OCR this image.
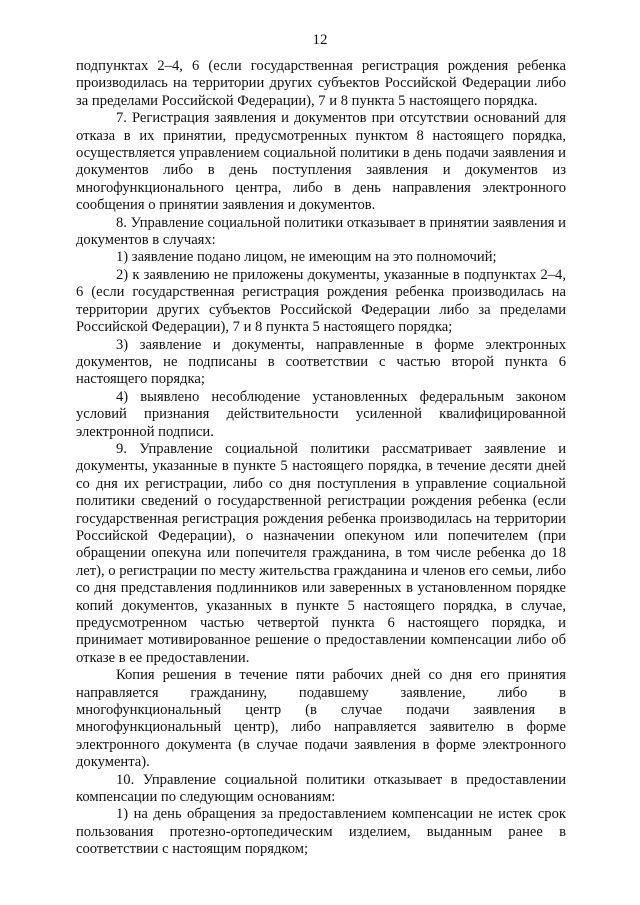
12

подпунктах 2–4, 6 (если государственная регистрация рождения ребенка производилась на территории других субъектов Российской Федерации либо за пределами Российской Федерации), 7 и 8 пункта 5 настоящего порядка.

7. Регистрация заявления и документов при отсутствии оснований для отказа в их принятии, предусмотренных пунктом 8 настоящего порядка, осуществляется управлением социальной политики в день подачи заявления и документов либо в день поступления заявления и документов из многофункционального центра, либо в день направления электронного сообщения о принятии заявления и документов.

8. Управление социальной политики отказывает в принятии заявления и документов в случаях:

1) заявление подано лицом, не имеющим на это полномочий;

2) к заявлению не приложены документы, указанные в подпунктах 2–4, 6 (если государственная регистрация рождения ребенка производилась на территории других субъектов Российской Федерации либо за пределами Российской Федерации), 7 и 8 пункта 5 настоящего порядка;

3) заявление и документы, направленные в форме электронных документов, не подписаны в соответствии с частью второй пункта 6 настоящего порядка;

4) выявлено несоблюдение установленных федеральным законом условий признания действительности усиленной квалифицированной электронной подписи.

9. Управление социальной политики рассматривает заявление и документы, указанные в пункте 5 настоящего порядка, в течение десяти дней со дня их регистрации, либо со дня поступления в управление социальной политики сведений о государственной регистрации рождения ребенка (если государственная регистрация рождения ребенка производилась на территории Российской Федерации), о назначении опекуном или попечителем (при обращении опекуна или попечителя гражданина, в том числе ребенка до 18 лет), о регистрации по месту жительства гражданина и членов его семьи, либо со дня представления подлинников или заверенных в установленном порядке копий документов, указанных в пункте 5 настоящего порядка, в случае, предусмотренном частью четвертой пункта 6 настоящего порядка, и принимает мотивированное решение о предоставлении компенсации либо об отказе в ее предоставлении.

Копия решения в течение пяти рабочих дней со дня его принятия направляется гражданину, подавшему заявление, либо в многофункциональный центр (в случае подачи заявления в многофункциональный центр), либо направляется заявителю в форме электронного документа (в случае подачи заявления в форме электронного документа).

10. Управление социальной политики отказывает в предоставлении компенсации по следующим основаниям:

1) на день обращения за предоставлением компенсации не истек срок пользования протезно-ортопедическим изделием, выданным ранее в соответствии с настоящим порядком;
